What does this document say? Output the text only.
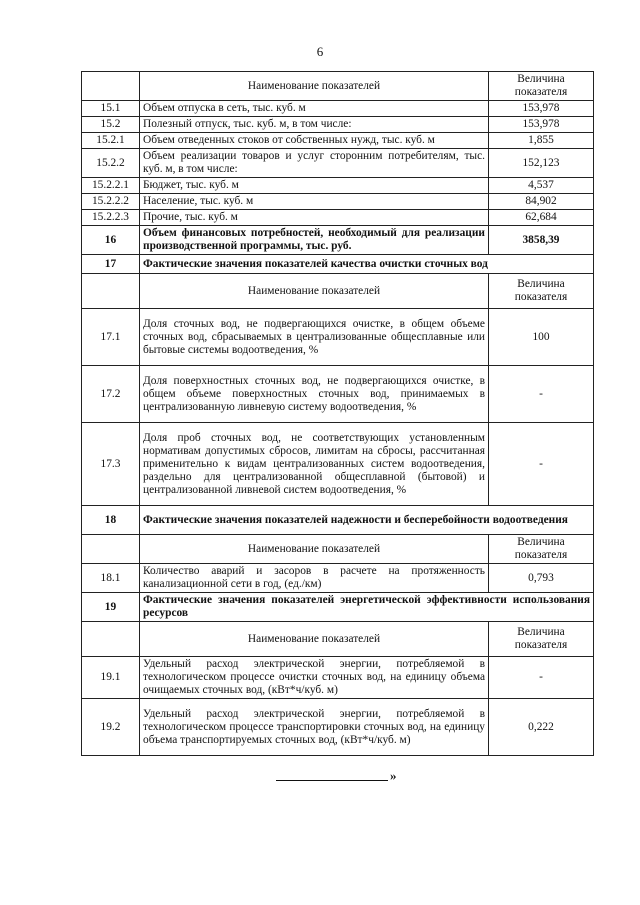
6
	Наименование показателей	Величина показателя
15.1	Объем отпуска в сеть, тыс. куб. м	153,978
15.2	Полезный отпуск, тыс. куб. м, в том числе:	153,978
15.2.1	Объем отведенных стоков от собственных нужд, тыс. куб. м	1,855
15.2.2	Объем реализации товаров и услуг сторонним потребителям, тыс. куб. м, в том числе:	152,123
15.2.2.1	Бюджет, тыс. куб. м	4,537
15.2.2.2	Население, тыс. куб. м	84,902
15.2.2.3	Прочие, тыс. куб. м	62,684
16	Объем финансовых потребностей, необходимый для реализации производственной программы, тыс. руб.	3858,39
17	Фактические значения показателей качества очистки сточных вод	
	Наименование показателей	Величина показателя
17.1	Доля сточных вод, не подвергающихся очистке, в общем объеме сточных вод, сбрасываемых в централизованные общесплавные или бытовые системы водоотведения, %	100
17.2	Доля поверхностных сточных вод, не подвергающихся очистке, в общем объеме поверхностных сточных вод, принимаемых в централизованную ливневую систему водоотведения, %	-
17.3	Доля проб сточных вод, не соответствующих установленным нормативам допустимых сбросов, лимитам на сбросы, рассчитанная применительно к видам централизованных систем водоотведения, раздельно для централизованной общесплавной (бытовой) и централизованной ливневой систем водоотведения, %	-
18	Фактические значения показателей надежности и бесперебойности водоотведения	
	Наименование показателей	Величина показателя
18.1	Количество аварий и засоров в расчете на протяженность канализационной сети в год, (ед./км)	0,793
19	Фактические значения показателей энергетической эффективности использования ресурсов	
	Наименование показателей	Величина показателя
19.1	Удельный расход электрической энергии, потребляемой в технологическом процессе очистки сточных вод, на единицу объема очищаемых сточных вод, (кВт*ч/куб. м)	-
19.2	Удельный расход электрической энергии, потребляемой в технологическом процессе транспортировки сточных вод, на единицу объема транспортируемых сточных вод, (кВт*ч/куб. м)	0,222
»
